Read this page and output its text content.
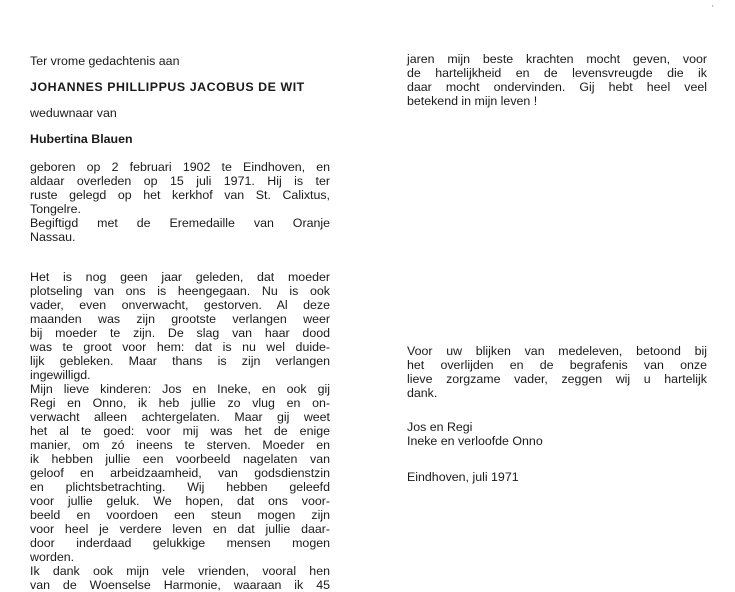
'
Ter vrome gedachtenis aan
JOHANNES PHILLIPPUS JACOBUS DE WIT
weduwnaar van
Hubertina Blauen
geboren op 2 februari 1902 te Eindhoven, en
aldaar overleden op 15 juli 1971. Hij is ter
ruste gelegd op het kerkhof van St. Calixtus,
Tongelre.
Begiftigd met de Eremedaille van Oranje
Nassau.
Het is nog geen jaar geleden, dat moeder
plotseling van ons is heengegaan. Nu is ook
vader, even onverwacht, gestorven. Al deze
maanden was zijn grootste verlangen weer
bij moeder te zijn. De slag van haar dood
was te groot voor hem: dat is nu wel duide-
lijk gebleken. Maar thans is zijn verlangen
ingewilligd.
Mijn lieve kinderen: Jos en Ineke, en ook gij
Regi en Onno, ik heb jullie zo vlug en on-
verwacht alleen achtergelaten. Maar gij weet
het al te goed: voor mij was het de enige
manier, om zó ineens te sterven. Moeder en
ik hebben jullie een voorbeeld nagelaten van
geloof en arbeidzaamheid, van godsdienstzin
en plichtsbetrachting. Wij hebben geleefd
voor jullie geluk. We hopen, dat ons voor-
beeld en voordoen een steun mogen zijn
voor heel je verdere leven en dat jullie daar-
door inderdaad gelukkige mensen mogen
worden.
Ik dank ook mijn vele vrienden, vooral hen
van de Woenselse Harmonie, waaraan ik 45
jaren mijn beste krachten mocht geven, voor
de hartelijkheid en de levensvreugde die ik
daar mocht ondervinden. Gij hebt heel veel
betekend in mijn leven !
Voor uw blijken van medeleven, betoond bij
het overlijden en de begrafenis van onze
lieve zorgzame vader, zeggen wij u hartelijk
dank.
Jos en Regi
Ineke en verloofde Onno
Eindhoven, juli 1971
